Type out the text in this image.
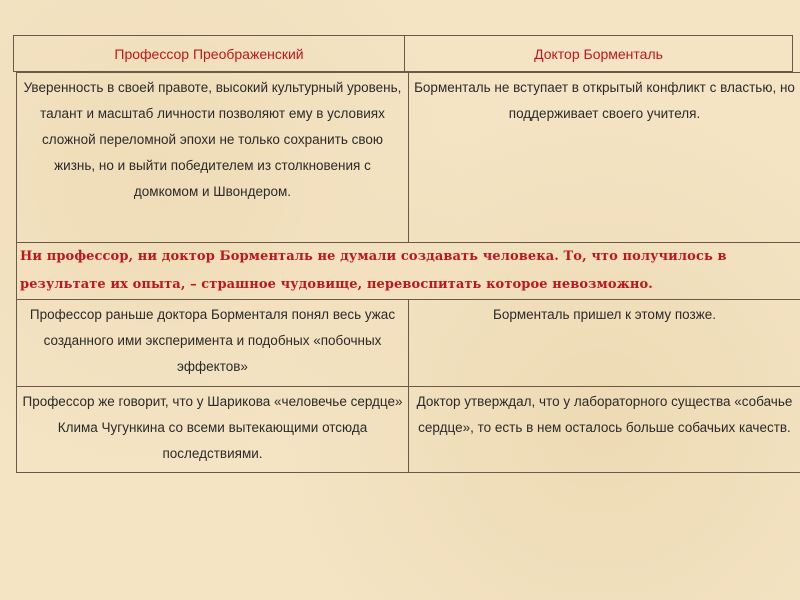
Профессор Преображенский	Доктор Борменталь
Уверенность в своей правоте, высокий культурный уровень, талант и масштаб личности позволяют ему в условиях сложной переломной эпохи не только сохранить свою жизнь, но и выйти победителем из столкновения с домкомом и Швондером.	Борменталь не вступает в открытый конфликт с властью, но поддерживает своего учителя.
Ни профессор, ни доктор Борменталь не думали создавать человека. То, что получилось в результате их опыта, – страшное чудовище, перевоспитать которое невозможно.	
Профессор раньше доктора Борменталя понял весь ужас созданного ими эксперимента и подобных «побочных эффектов»	Борменталь пришел к этому позже.
Профессор же говорит, что у Шарикова «человечье сердце» Клима Чугункина со всеми вытекающими отсюда последствиями.	Доктор утверждал, что у лабораторного существа «собачье сердце», то есть в нем осталось больше собачьих качеств.
